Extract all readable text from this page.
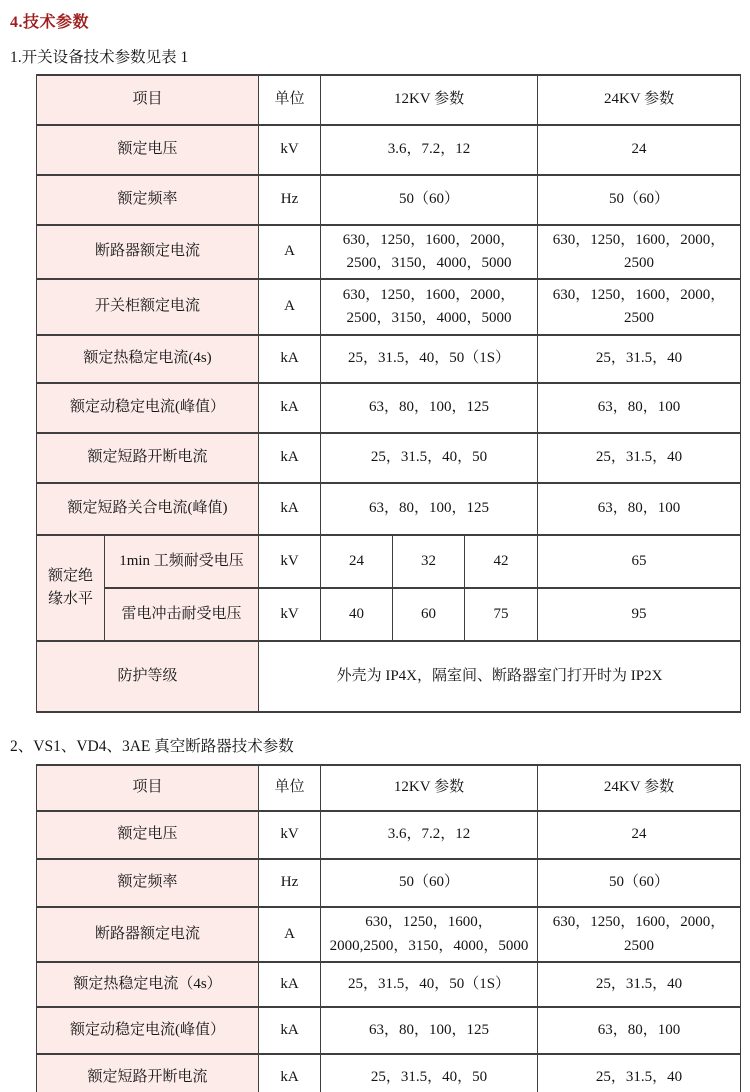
4.技术参数

1.开关设备技术参数见表 1

项目		单位	12KV 参数			24KV 参数
额定电压		kV	3.6，7.2，12			24
额定频率		Hz	50（60）			50（60）
断路器额定电流		A	630，1250，1600，2000，2500，3150，4000，5000			630，1250，1600，2000，2500
开关柜额定电流		A	630，1250，1600，2000，2500，3150，4000，5000			630，1250，1600，2000，2500
额定热稳定电流(4s)		kA	25，31.5，40，50（1S）			25，31.5，40
额定动稳定电流(峰值）		kA	63，80，100，125			63，80，100
额定短路开断电流		kA	25，31.5，40，50			25，31.5，40
额定短路关合电流(峰值)		kA	63，80，100，125			63，80，100
额定绝缘水平	1min 工频耐受电压	kV	24	32	42	65
	雷电冲击耐受电压	kV	40	60	75	95
防护等级		外壳为 IP4X，隔室间、断路器室门打开时为 IP2X				

2、VS1、VD4、3AE 真空断路器技术参数

项目	单位	12KV 参数	24KV 参数
额定电压	kV	3.6，7.2，12	24
额定频率	Hz	50（60）	50（60）
断路器额定电流	A	630，1250，1600，2000,2500，3150，4000，5000	630，1250，1600，2000，2500
额定热稳定电流（4s）	kA	25，31.5，40，50（1S）	25，31.5，40
额定动稳定电流(峰值）	kA	63，80，100，125	63，80，100
额定短路开断电流	kA	25，31.5，40，50	25，31.5，40
